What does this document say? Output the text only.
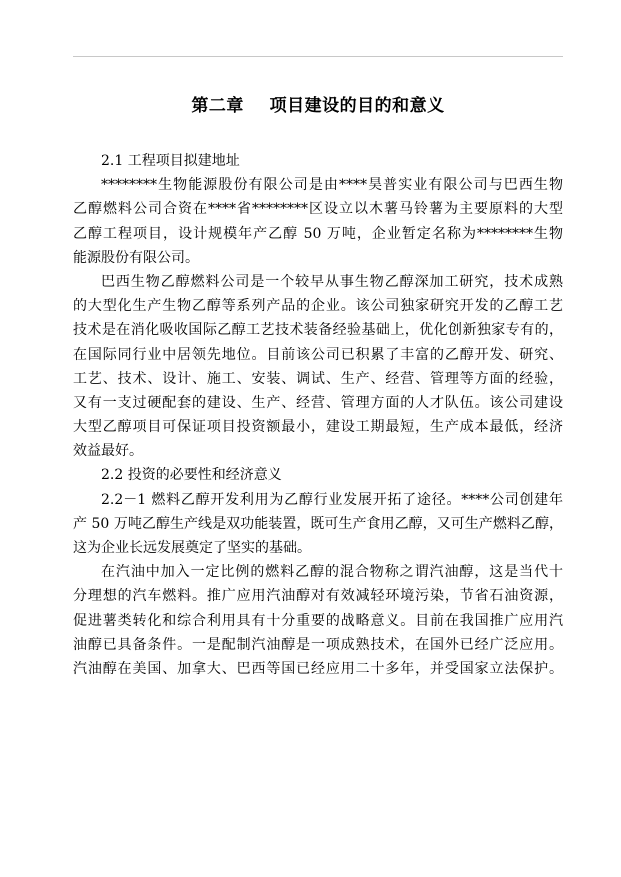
第二章    项目建设的目的和意义
2.1 工程项目拟建地址
********生物能源股份有限公司是由****昊普实业有限公司与巴西生物
乙醇燃料公司合资在****省********区设立以木薯马铃薯为主要原料的大型
乙醇工程项目，设计规模年产乙醇 50 万吨，企业暂定名称为********生物
能源股份有限公司。
巴西生物乙醇燃料公司是一个较早从事生物乙醇深加工研究，技术成熟
的大型化生产生物乙醇等系列产品的企业。该公司独家研究开发的乙醇工艺
技术是在消化吸收国际乙醇工艺技术装备经验基础上，优化创新独家专有的，
在国际同行业中居领先地位。目前该公司已积累了丰富的乙醇开发、研究、
工艺、技术、设计、施工、安装、调试、生产、经营、管理等方面的经验，
又有一支过硬配套的建设、生产、经营、管理方面的人才队伍。该公司建设
大型乙醇项目可保证项目投资额最小，建设工期最短，生产成本最低，经济
效益最好。
2.2 投资的必要性和经济意义
2.2－1 燃料乙醇开发利用为乙醇行业发展开拓了途径。****公司创建年
产 50 万吨乙醇生产线是双功能装置，既可生产食用乙醇，又可生产燃料乙醇，
这为企业长远发展奠定了坚实的基础。
在汽油中加入一定比例的燃料乙醇的混合物称之谓汽油醇，这是当代十
分理想的汽车燃料。推广应用汽油醇对有效减轻环境污染，节省石油资源，
促进薯类转化和综合利用具有十分重要的战略意义。目前在我国推广应用汽
油醇已具备条件。一是配制汽油醇是一项成熟技术，在国外已经广泛应用。
汽油醇在美国、加拿大、巴西等国已经应用二十多年，并受国家立法保护。
